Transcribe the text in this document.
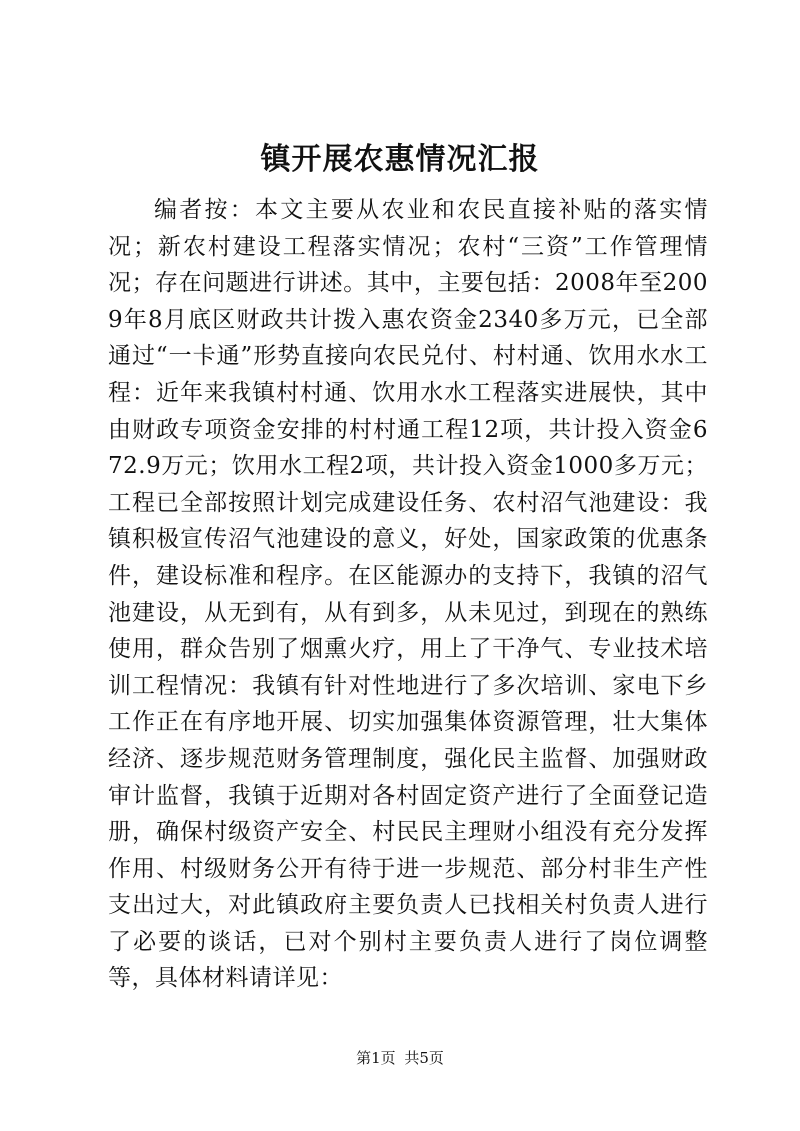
镇开展农惠情况汇报

编者按：本文主要从农业和农民直接补贴的落实情况；新农村建设工程落实情况；农村“三资”工作管理情况；存在问题进行讲述。其中，主要包括：2008年至2009年8月底区财政共计拨入惠农资金2340多万元，已全部通过“一卡通”形势直接向农民兑付、村村通、饮用水水工程：近年来我镇村村通、饮用水水工程落实进展快，其中由财政专项资金安排的村村通工程12项，共计投入资金672.9万元；饮用水工程2项，共计投入资金1000多万元；工程已全部按照计划完成建设任务、农村沼气池建设：我镇积极宣传沼气池建设的意义，好处，国家政策的优惠条件，建设标准和程序。在区能源办的支持下，我镇的沼气池建设，从无到有，从有到多，从未见过，到现在的熟练使用，群众告别了烟熏火疗，用上了干净气、专业技术培训工程情况：我镇有针对性地进行了多次培训、家电下乡工作正在有序地开展、切实加强集体资源管理，壮大集体经济、逐步规范财务管理制度，强化民主监督、加强财政审计监督，我镇于近期对各村固定资产进行了全面登记造册，确保村级资产安全、村民民主理财小组没有充分发挥作用、村级财务公开有待于进一步规范、部分村非生产性支出过大，对此镇政府主要负责人已找相关村负责人进行了必要的谈话，已对个别村主要负责人进行了岗位调整等，具体材料请详见：

第1页 共5页
